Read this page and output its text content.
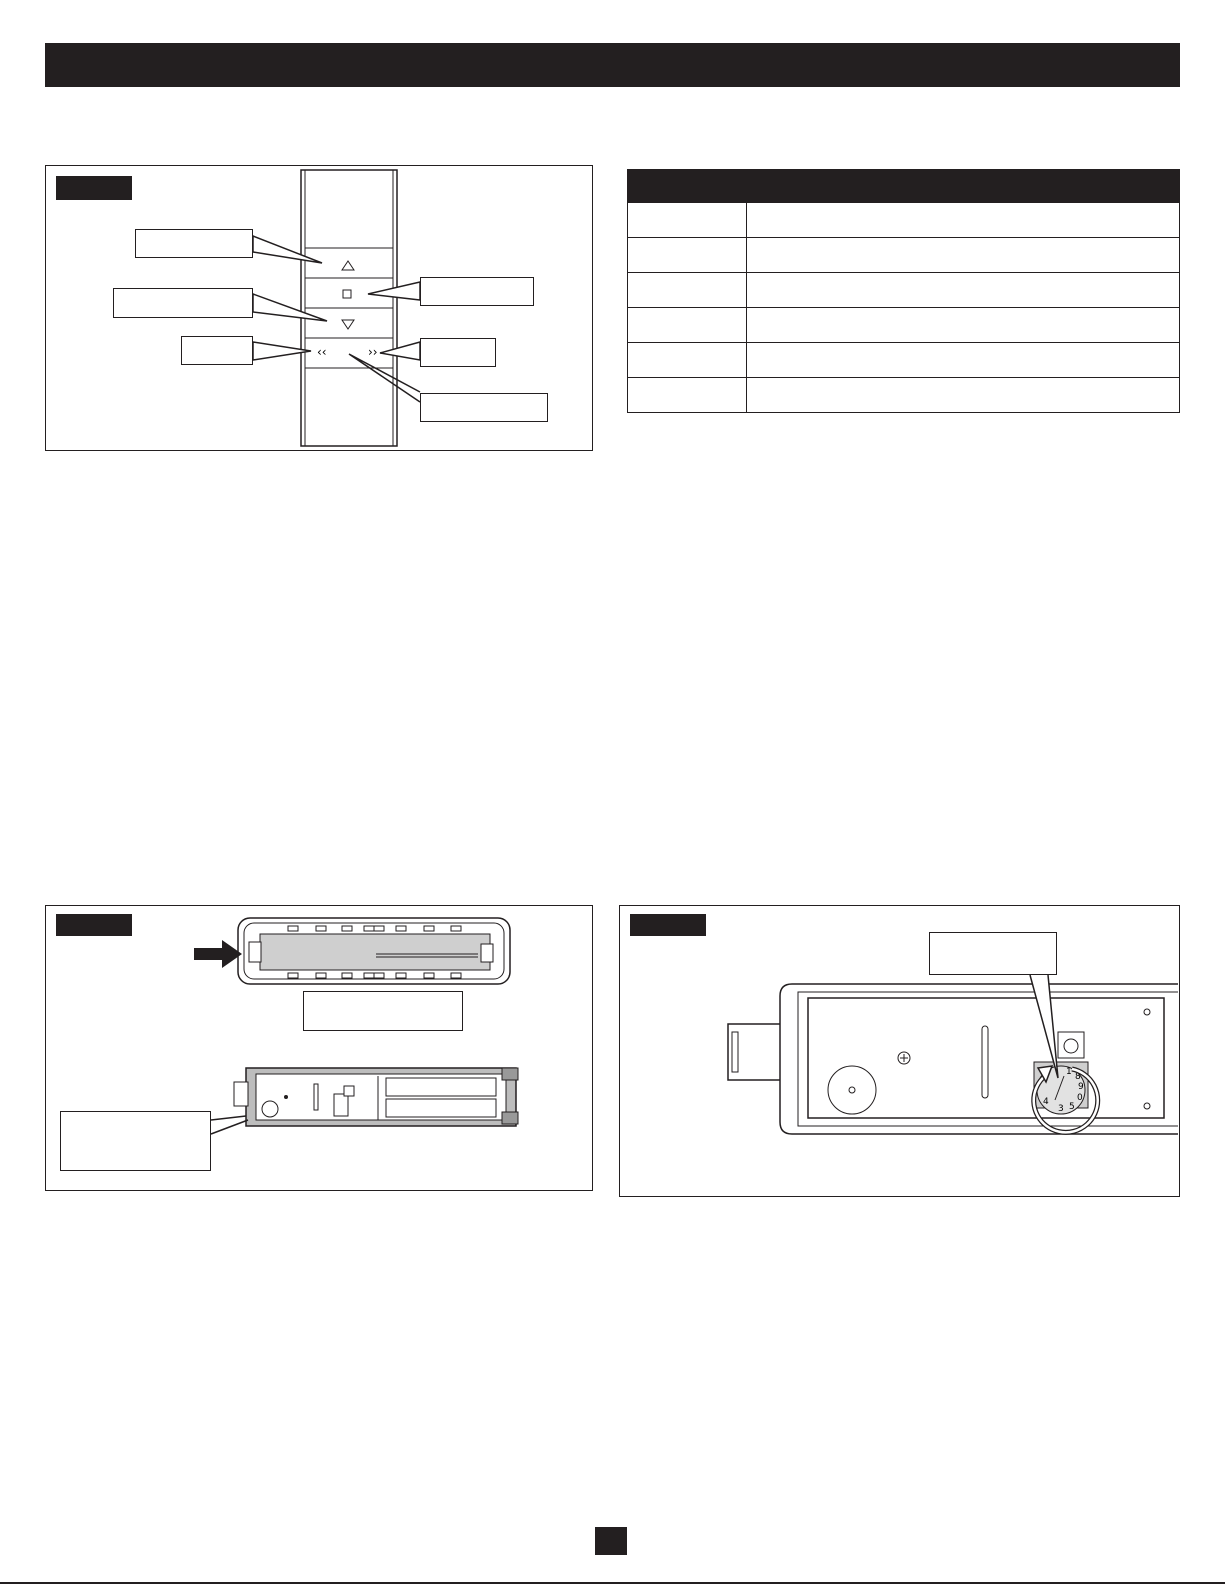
‹‹	››

1 8
9
0
5
3
4
